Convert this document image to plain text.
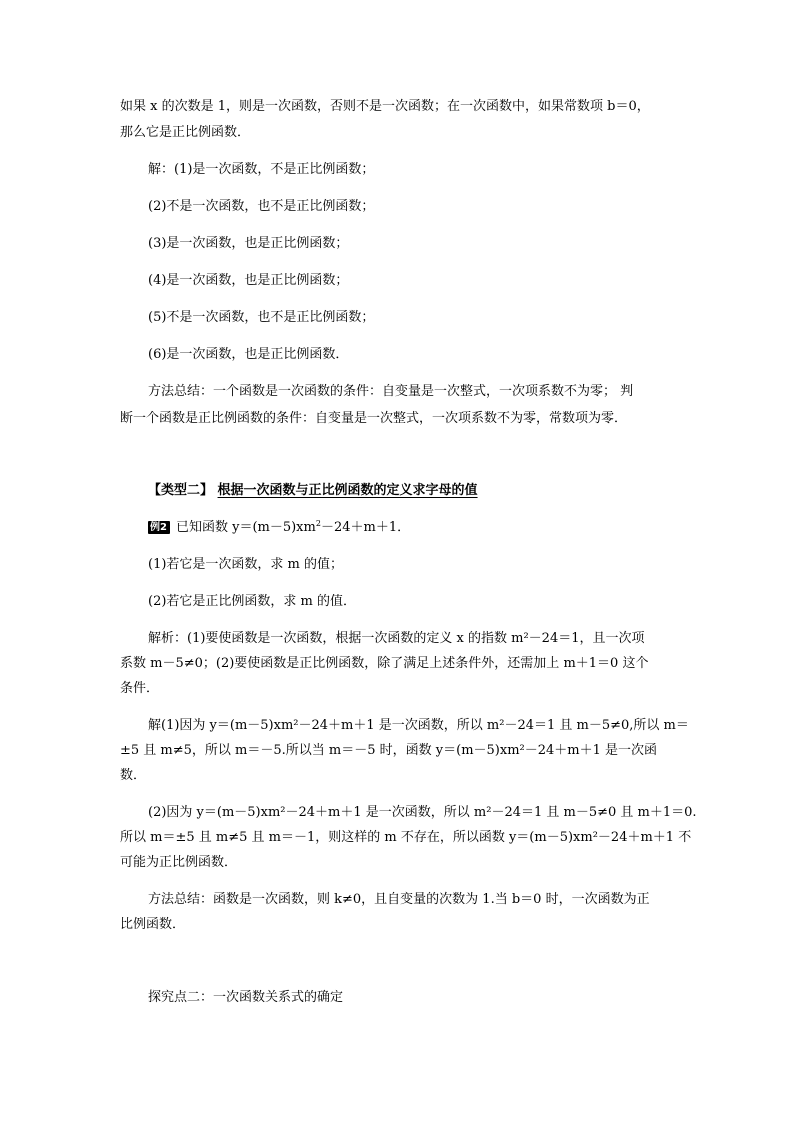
如果 x 的次数是 1，则是一次函数，否则不是一次函数；在一次函数中，如果常数项 b＝0，
那么它是正比例函数．
解：(1)是一次函数，不是正比例函数；
(2)不是一次函数，也不是正比例函数；
(3)是一次函数，也是正比例函数；
(4)是一次函数，也是正比例函数；
(5)不是一次函数，也不是正比例函数；
(6)是一次函数，也是正比例函数．
方法总结：一个函数是一次函数的条件：自变量是一次整式，一次项系数不为零； 判
断一个函数是正比例函数的条件：自变量是一次整式，一次项系数不为零，常数项为零．
【类型二】 根据一次函数与正比例函数的定义求字母的值
例2 已知函数 $y=(m-5)xm^2-24+m+1$．
(1)若它是一次函数，求 m 的值；
(2)若它是正比例函数，求 m 的值．
解析：(1)要使函数是一次函数，根据一次函数的定义 x 的指数 m²－24＝1，且一次项
系数 m－5≠0；(2)要使函数是正比例函数，除了满足上述条件外，还需加上 m＋1＝0 这个
条件．
解(1)因为 y＝(m－5)xm²－24＋m＋1 是一次函数，所以 m²－24＝1 且 m－5≠0,所以 m＝
±5 且 m≠5，所以 m＝－5.所以当 m＝－5 时，函数 y＝(m－5)xm²－24＋m＋1 是一次函
数．
(2)因为 y＝(m－5)xm²－24＋m＋1 是一次函数，所以 m²－24＝1 且 m－5≠0 且 m＋1＝0.
所以 m＝±5 且 m≠5 且 m＝－1，则这样的 m 不存在，所以函数 y＝(m－5)xm²－24＋m＋1 不
可能为正比例函数．
方法总结：函数是一次函数，则 k≠0，且自变量的次数为 1.当 b＝0 时，一次函数为正
比例函数．
探究点二：一次函数关系式的确定
